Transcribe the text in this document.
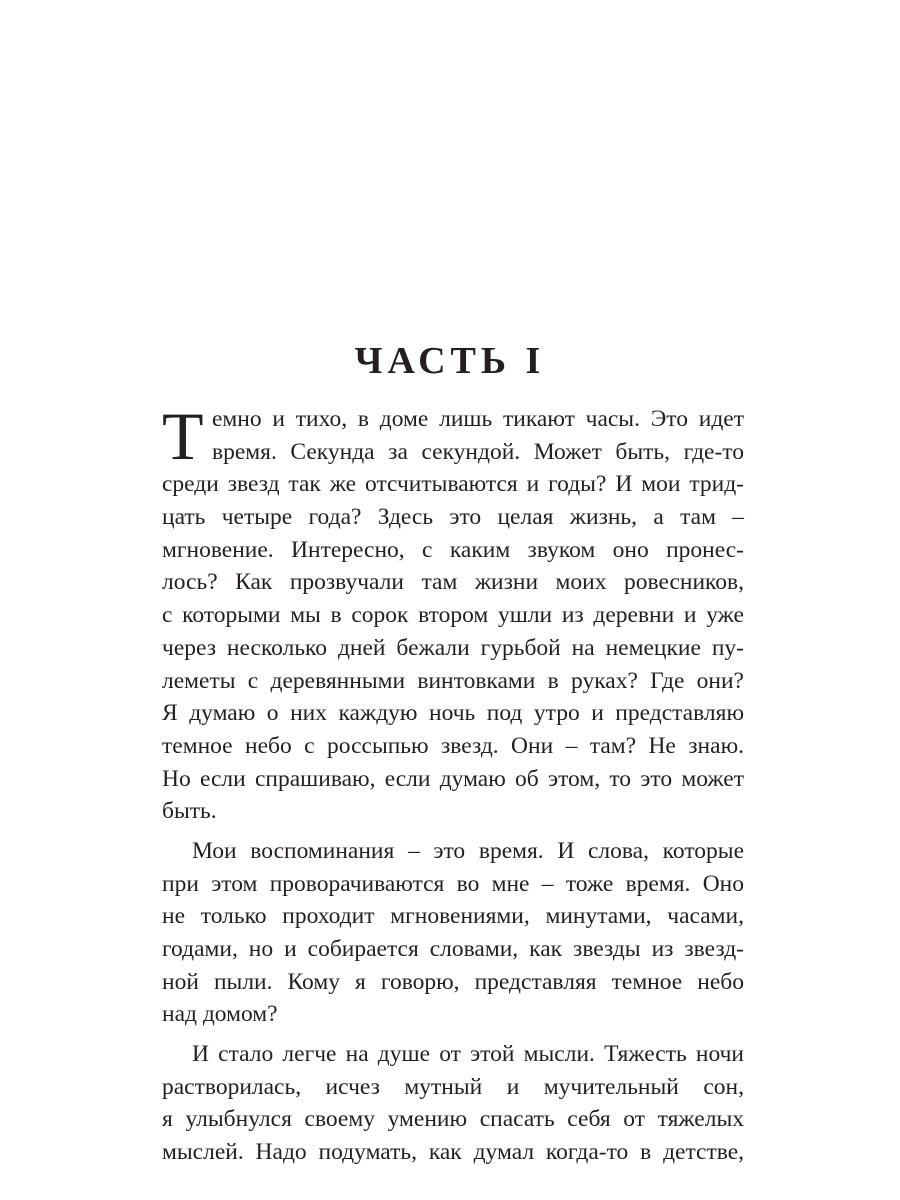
ЧАСТЬ I
Т емно и тихо, в доме лишь тикают часы. Это идет
время. Секунда за секундой. Может быть, где-то
среди звезд так же отсчитываются и годы? И мои трид-
цать четыре года? Здесь это целая жизнь, а там –
мгновение. Интересно, с каким звуком оно пронес-
лось? Как прозвучали там жизни моих ровесников,
с которыми мы в сорок втором ушли из деревни и уже
через несколько дней бежали гурьбой на немецкие пу-
леметы с деревянными винтовками в руках? Где они?
Я думаю о них каждую ночь под утро и представляю
темное небо с россыпью звезд. Они – там? Не знаю.
Но если спрашиваю, если думаю об этом, то это может
быть.
Мои воспоминания – это время. И слова, которые
при этом проворачиваются во мне – тоже время. Оно
не только проходит мгновениями, минутами, часами,
годами, но и собирается словами, как звезды из звезд-
ной пыли. Кому я говорю, представляя темное небо
над домом?
И стало легче на душе от этой мысли. Тяжесть ночи
растворилась, исчез мутный и мучительный сон,
я улыбнулся своему умению спасать себя от тяжелых
мыслей. Надо подумать, как думал когда-то в детстве,
